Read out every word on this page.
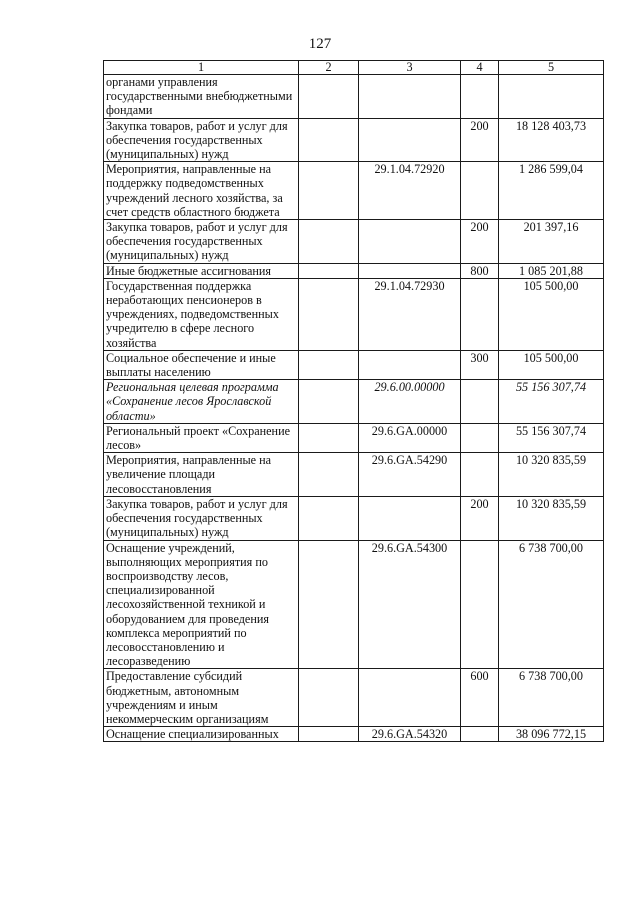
127
1	2	3	4	5
органами управления государственными внебюджетными фондами				
Закупка товаров, работ и услуг для обеспечения государственных (муниципальных) нужд			200	18 128 403,73
Мероприятия, направленные на поддержку подведомственных учреждений лесного хозяйства, за счет средств областного бюджета		29.1.04.72920		1 286 599,04
Закупка товаров, работ и услуг для обеспечения государственных (муниципальных) нужд			200	201 397,16
Иные бюджетные ассигнования			800	1 085 201,88
Государственная поддержка неработающих пенсионеров в учреждениях, подведомственных учредителю в сфере лесного хозяйства		29.1.04.72930		105 500,00
Социальное обеспечение и иные выплаты населению			300	105 500,00
Региональная целевая программа «Сохранение лесов Ярославской области»		29.6.00.00000		55 156 307,74
Региональный проект «Сохранение лесов»		29.6.GA.00000		55 156 307,74
Мероприятия, направленные на увеличение площади лесовосстановления		29.6.GA.54290		10 320 835,59
Закупка товаров, работ и услуг для обеспечения государственных (муниципальных) нужд			200	10 320 835,59
Оснащение учреждений, выполняющих мероприятия по воспроизводству лесов, специализированной лесохозяйственной техникой и оборудованием для проведения комплекса мероприятий по лесовосстановлению и лесоразведению		29.6.GA.54300		6 738 700,00
Предоставление субсидий бюджетным, автономным учреждениям и иным некоммерческим организациям			600	6 738 700,00
Оснащение специализированных		29.6.GA.54320		38 096 772,15
